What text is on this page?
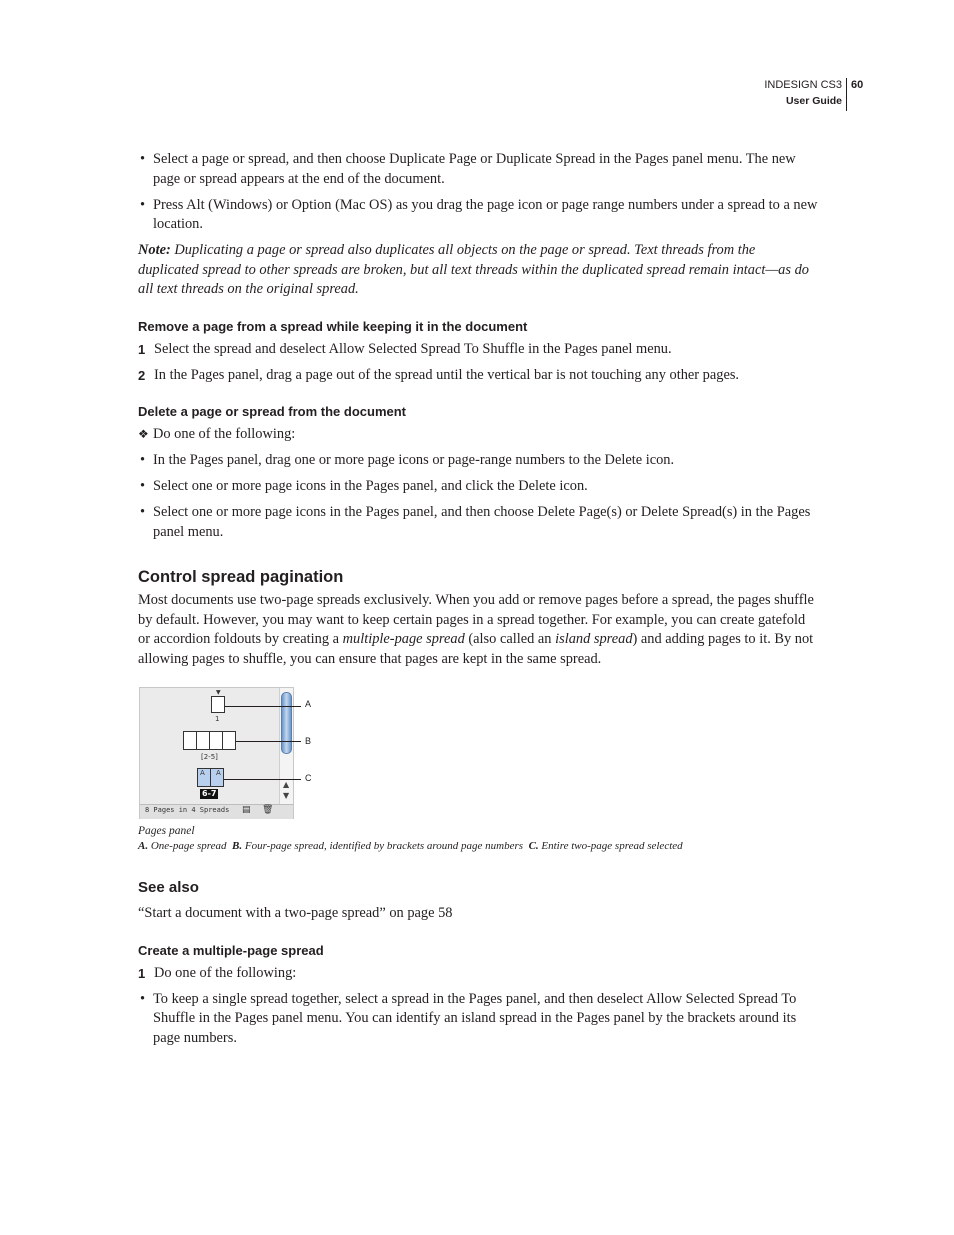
INDESIGN CS3 60
User Guide
• Select a page or spread, and then choose Duplicate Page or Duplicate Spread in the Pages panel menu. The new page or spread appears at the end of the document.
• Press Alt (Windows) or Option (Mac OS) as you drag the page icon or page range numbers under a spread to a new location.
Note: Duplicating a page or spread also duplicates all objects on the page or spread. Text threads from the duplicated spread to other spreads are broken, but all text threads within the duplicated spread remain intact—as do all text threads on the original spread.
Remove a page from a spread while keeping it in the document
1 Select the spread and deselect Allow Selected Spread To Shuffle in the Pages panel menu.
2 In the Pages panel, drag a page out of the spread until the vertical bar is not touching any other pages.
Delete a page or spread from the document
❖ Do one of the following:
• In the Pages panel, drag one or more page icons or page-range numbers to the Delete icon.
• Select one or more page icons in the Pages panel, and click the Delete icon.
• Select one or more page icons in the Pages panel, and then choose Delete Page(s) or Delete Spread(s) in the Pages panel menu.
Control spread pagination
Most documents use two-page spreads exclusively. When you add or remove pages before a spread, the pages shuffle by default. However, you may want to keep certain pages in a spread together. For example, you can create gatefold or accordion foldouts by creating a multiple-page spread (also called an island spread) and adding pages to it. By not allowing pages to shuffle, you can ensure that pages are kept in the same spread.
▼
1
[2-5]
A A
6-7
▲
▼
8 Pages in 4 Spreads ▤ 🗑
A
B
C
Pages panel
A. One-page spread B. Four-page spread, identified by brackets around page numbers C. Entire two-page spread selected
See also
“Start a document with a two-page spread” on page 58
Create a multiple-page spread
1 Do one of the following:
• To keep a single spread together, select a spread in the Pages panel, and then deselect Allow Selected Spread To Shuffle in the Pages panel menu. You can identify an island spread in the Pages panel by the brackets around its page numbers.
